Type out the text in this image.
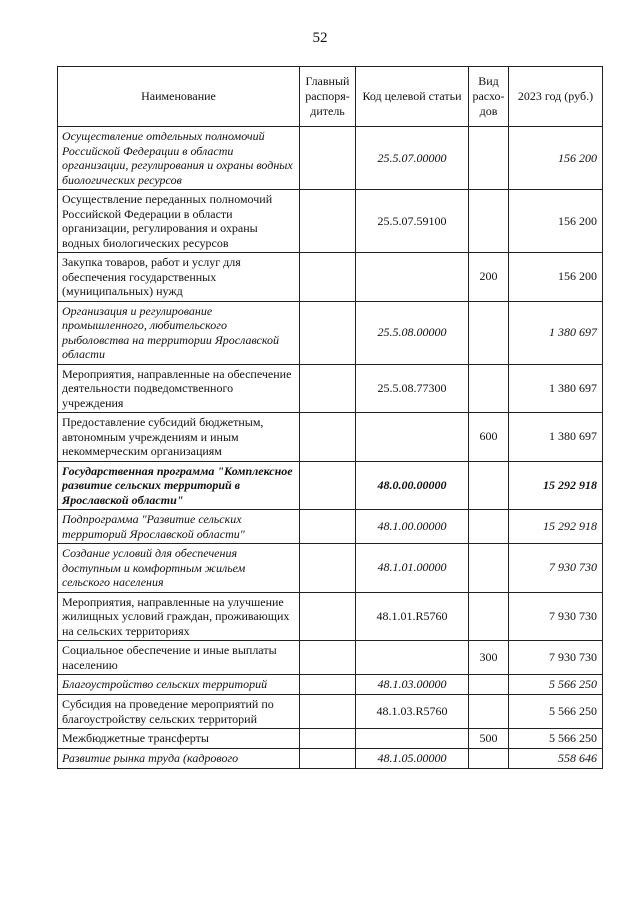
52
Наименование	Главный распоря-дитель	Код целевой статьи	Вид расхо-дов	2023 год (руб.)
Осуществление отдельных полномочий Российской Федерации в области организации, регулирования и охраны водных биологических ресурсов		25.5.07.00000		156 200
Осуществление переданных полномочий Российской Федерации в области организации, регулирования и охраны водных биологических ресурсов		25.5.07.59100		156 200
Закупка товаров, работ и услуг для обеспечения государственных (муниципальных) нужд			200	156 200
Организация и регулирование промышленного, любительского рыболовства на территории Ярославской области		25.5.08.00000		1 380 697
Мероприятия, направленные на обеспечение деятельности подведомственного учреждения		25.5.08.77300		1 380 697
Предоставление субсидий бюджетным, автономным учреждениям и иным некоммерческим организациям			600	1 380 697
Государственная программа "Комплексное развитие сельских территорий в Ярославской области"		48.0.00.00000		15 292 918
Подпрограмма "Развитие сельских территорий Ярославской области"		48.1.00.00000		15 292 918
Создание условий для обеспечения доступным и комфортным жильем сельского населения		48.1.01.00000		7 930 730
Мероприятия, направленные на улучшение жилищных условий граждан, проживающих на сельских территориях		48.1.01.R5760		7 930 730
Социальное обеспечение и иные выплаты населению			300	7 930 730
Благоустройство сельских территорий		48.1.03.00000		5 566 250
Субсидия на проведение мероприятий по благоустройству сельских территорий		48.1.03.R5760		5 566 250
Межбюджетные трансферты			500	5 566 250
Развитие рынка труда (кадрового		48.1.05.00000		558 646
